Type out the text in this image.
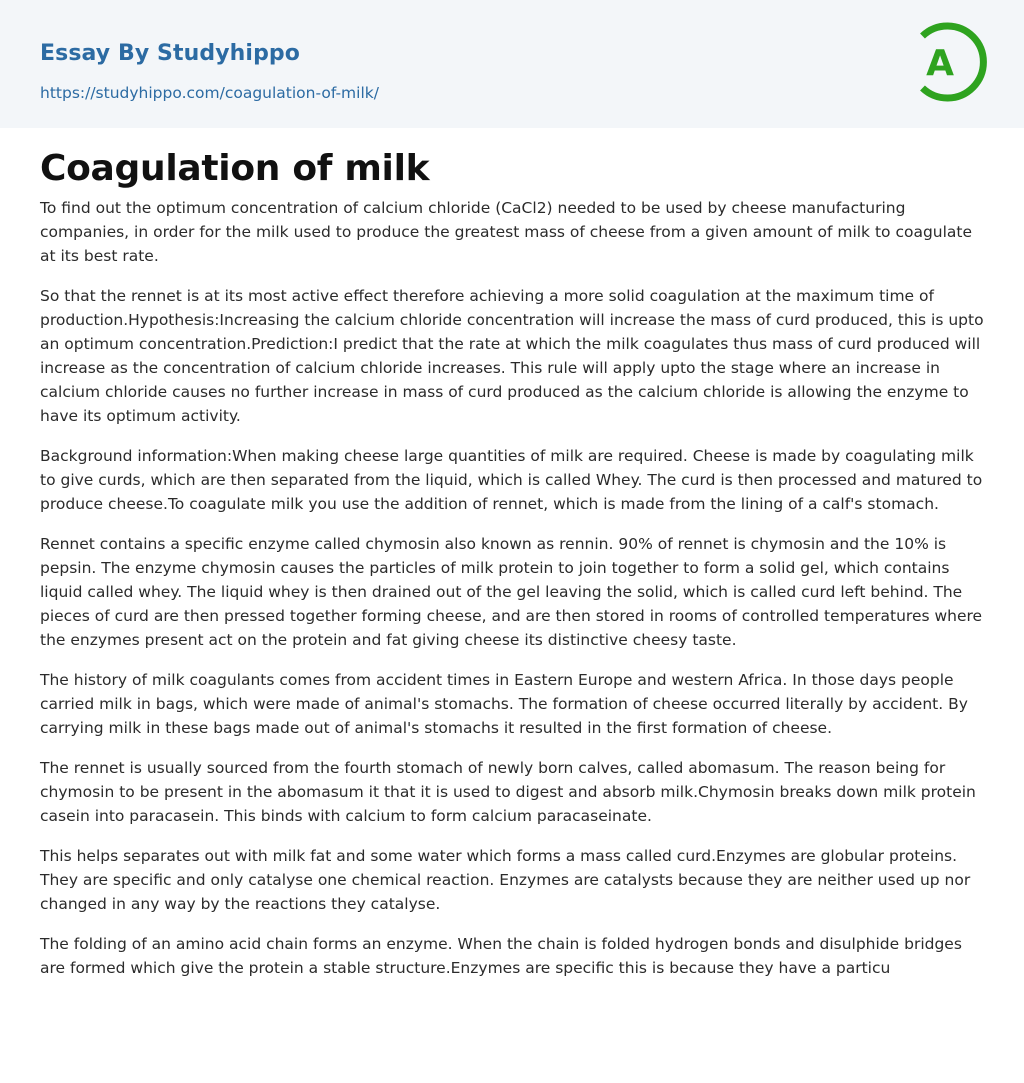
Essay By Studyhippo
https://studyhippo.com/coagulation-of-milk/
A
Coagulation of milk

To find out the optimum concentration of calcium chloride (CaCl2) needed to be used by cheese manufacturing companies, in order for the milk used to produce the greatest mass of cheese from a given amount of milk to coagulate at its best rate.

So that the rennet is at its most active effect therefore achieving a more solid coagulation at the maximum time of production.Hypothesis:Increasing the calcium chloride concentration will increase the mass of curd produced, this is upto an optimum concentration.Prediction:I predict that the rate at which the milk coagulates thus mass of curd produced will increase as the concentration of calcium chloride increases. This rule will apply upto the stage where an increase in calcium chloride causes no further increase in mass of curd produced as the calcium chloride is allowing the enzyme to have its optimum activity.

Background information:When making cheese large quantities of milk are required. Cheese is made by coagulating milk to give curds, which are then separated from the liquid, which is called Whey. The curd is then processed and matured to produce cheese.To coagulate milk you use the addition of rennet, which is made from the lining of a calf's stomach.

Rennet contains a specific enzyme called chymosin also known as rennin. 90% of rennet is chymosin and the 10% is pepsin. The enzyme chymosin causes the particles of milk protein to join together to form a solid gel, which contains liquid called whey. The liquid whey is then drained out of the gel leaving the solid, which is called curd left behind. The pieces of curd are then pressed together forming cheese, and are then stored in rooms of controlled temperatures where the enzymes present act on the protein and fat giving cheese its distinctive cheesy taste.

The history of milk coagulants comes from accident times in Eastern Europe and western Africa. In those days people carried milk in bags, which were made of animal's stomachs. The formation of cheese occurred literally by accident. By carrying milk in these bags made out of animal's stomachs it resulted in the first formation of cheese.

The rennet is usually sourced from the fourth stomach of newly born calves, called abomasum. The reason being for chymosin to be present in the abomasum it that it is used to digest and absorb milk.Chymosin breaks down milk protein casein into paracasein. This binds with calcium to form calcium paracaseinate.

This helps separates out with milk fat and some water which forms a mass called curd.Enzymes are globular proteins. They are specific and only catalyse one chemical reaction. Enzymes are catalysts because they are neither used up nor changed in any way by the reactions they catalyse.

The folding of an amino acid chain forms an enzyme. When the chain is folded hydrogen bonds and disulphide bridges are formed which give the protein a stable structure.Enzymes are specific this is because they have a particu
